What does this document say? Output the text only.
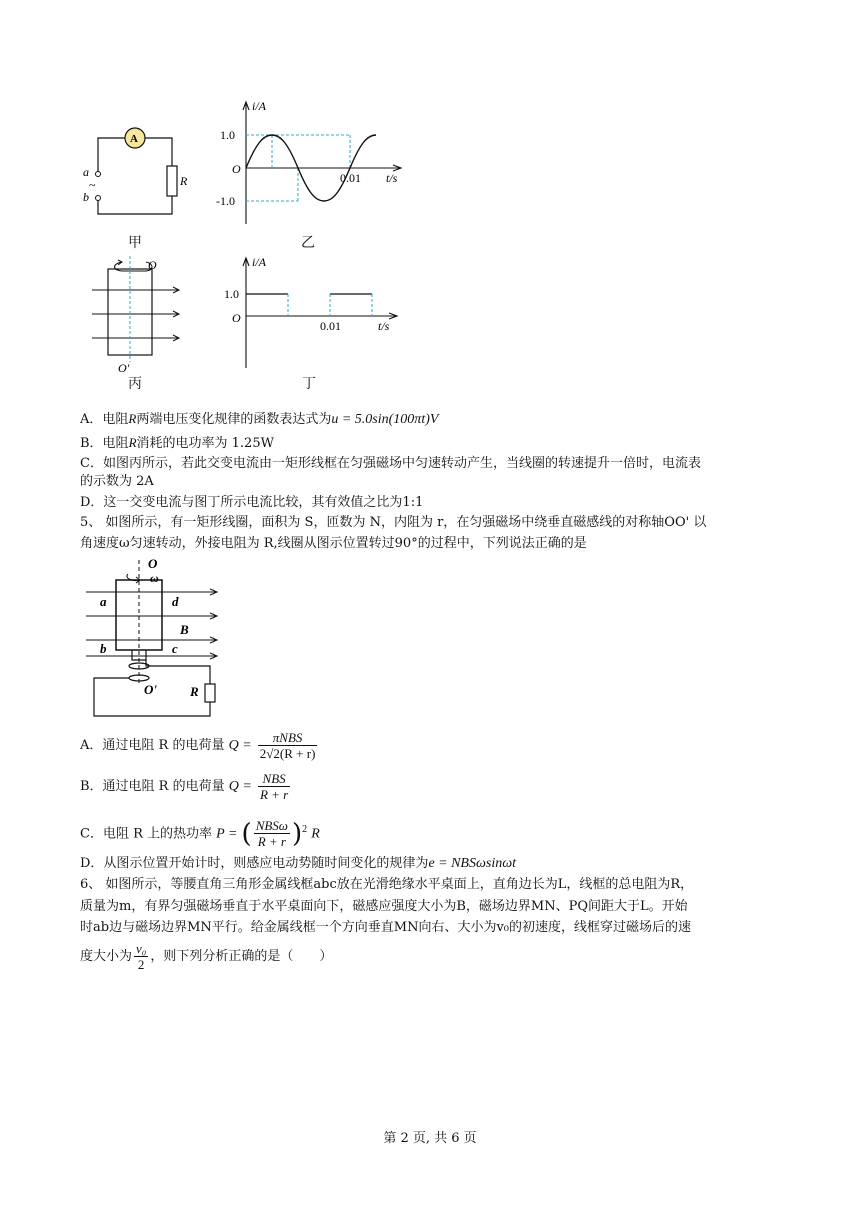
A
R
a
~
b
甲
i/A
1.0
O
-1.0
0.01 t/s
乙
O
O'
丙
i/A
1.0
O
0.01	t/s
丁
A．电阻R两端电压变化规律的函数表达式为u = 5.0sin(100πt)V
B．电阻R消耗的电功率为 1.25W
C．如图丙所示，若此交变电流由一矩形线框在匀强磁场中匀速转动产生，当线圈的转速提升一倍时，电流表
的示数为 2A
D．这一交变电流与图丁所示电流比较，其有效值之比为1:1
5、 如图所示，有一矩形线圈，面积为 S，匝数为 N，内阻为 r，在匀强磁场中绕垂直磁感线的对称轴OO' 以
角速度ω匀速转动，外接电阻为 R,线圈从图示位置转过90°的过程中，下列说法正确的是
O
ω
a	d
B
b	c
O'	R
A．通过电阻 R 的电荷量 $Q = \frac{\text{πNBS}}{2√2(R + r)}$
B．通过电阻 R 的电荷量 $Q = \frac{\text{NBS}}{R + r}$
C．电阻 R 上的热功率 P = ( $\frac{\text{NBSω}}{R + r} )^2$ R
D．从图示位置开始计时，则感应电动势随时间变化的规律为e = NBSωsinωt
6、 如图所示，等腰直角三角形金属线框abc放在光滑绝缘水平桌面上，直角边长为L，线框的总电阻为R，
质量为m，有界匀强磁场垂直于水平桌面向下，磁感应强度大小为B，磁场边界MN、PQ间距大于L。开始
时ab边与磁场边界MN平行。给金属线框一个方向垂直MN向右、大小为v₀的初速度，线框穿过磁场后的速
度大小为 $\frac{\text{v₀}}{2}$ ，则下列分析正确的是（　　）
第 2 页, 共 6 页
